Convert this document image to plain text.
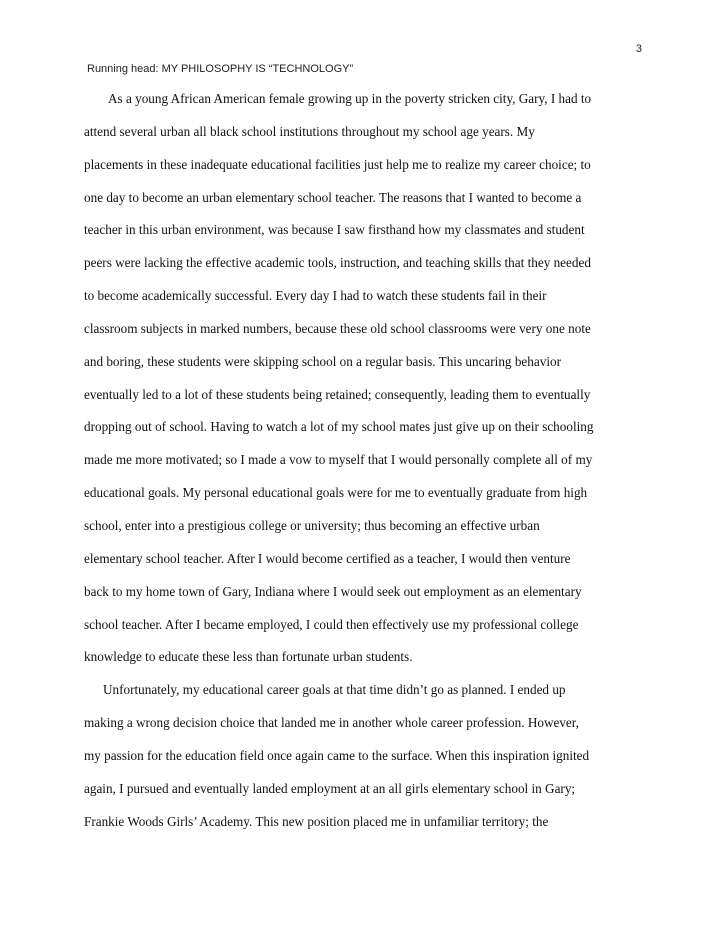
3
Running head: MY PHILOSOPHY IS “TECHNOLOGY”
As a young African American female growing up in the poverty stricken city, Gary, I had to
attend several urban all black school institutions throughout my school age years. My
placements in these inadequate educational facilities just help me to realize my career choice; to
one day to become an urban elementary school teacher. The reasons that I wanted to become a
teacher in this urban environment, was because I saw firsthand how my classmates and student
peers were lacking the effective academic tools, instruction, and teaching skills that they needed
to become academically successful. Every day I had to watch these students fail in their
classroom subjects in marked numbers, because these old school classrooms were very one note
and boring, these students were skipping school on a regular basis. This uncaring behavior
eventually led to a lot of these students being retained; consequently, leading them to eventually
dropping out of school. Having to watch a lot of my school mates just give up on their schooling
made me more motivated; so I made a vow to myself that I would personally complete all of my
educational goals. My personal educational goals were for me to eventually graduate from high
school, enter into a prestigious college or university; thus becoming an effective urban
elementary school teacher. After I would become certified as a teacher, I would then venture
back to my home town of Gary, Indiana where I would seek out employment as an elementary
school teacher. After I became employed, I could then effectively use my professional college
knowledge to educate these less than fortunate urban students.
Unfortunately, my educational career goals at that time didn’t go as planned. I ended up
making a wrong decision choice that landed me in another whole career profession. However,
my passion for the education field once again came to the surface. When this inspiration ignited
again, I pursued and eventually landed employment at an all girls elementary school in Gary;
Frankie Woods Girls’ Academy. This new position placed me in unfamiliar territory; the
